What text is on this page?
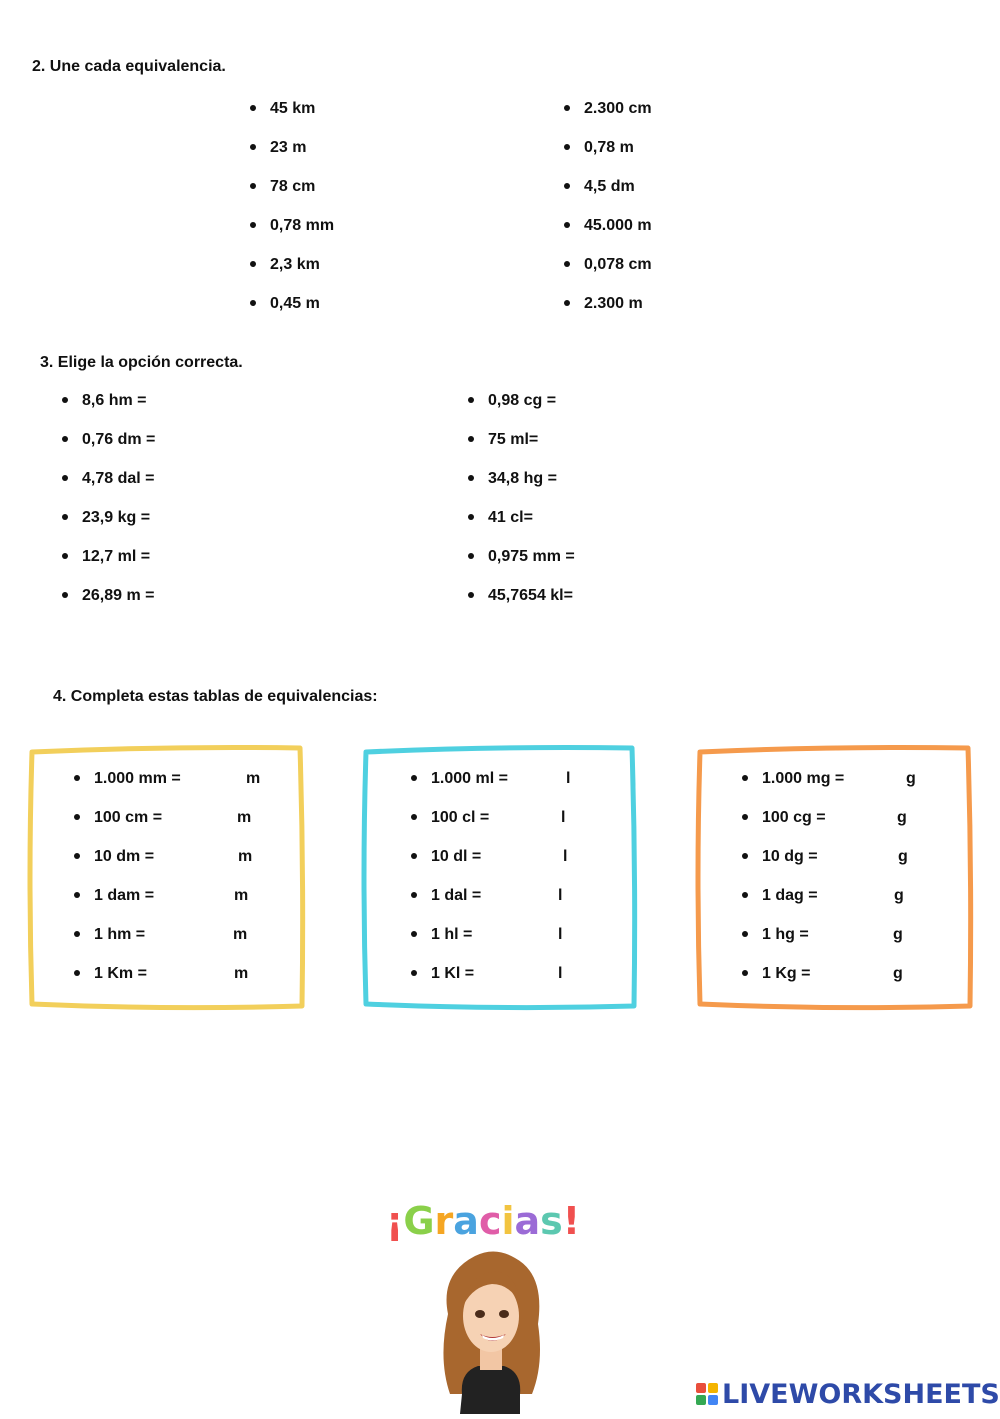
2. Une cada equivalencia.
45 km
23 m
78 cm
0,78 mm
2,3 km
0,45 m
2.300 cm
0,78 m
4,5 dm
45.000 m
0,078 cm
2.300 m
3. Elige la opción correcta.
8,6 hm =
0,76 dm =
4,78 dal =
23,9 kg =
12,7 ml =
26,89 m =
0,98 cg =
75 ml=
34,8 hg =
41 cl=
0,975 mm =
45,7654 kl=
4. Completa estas tablas de equivalencias:
1.000 mm =	m
100 cm =	m
10 dm =	m
1 dam =	m
1 hm =	m
1 Km =	m
1.000 ml =	l
100 cl =	l
10 dl =	l
1 dal =	l
1 hl =	l
1 Kl =	l
1.000 mg =	g
100 cg =	g
10 dg =	g
1 dag =	g
1 hg =	g
1 Kg =	g
¡Gracias!
LIVEWORKSHEETS
